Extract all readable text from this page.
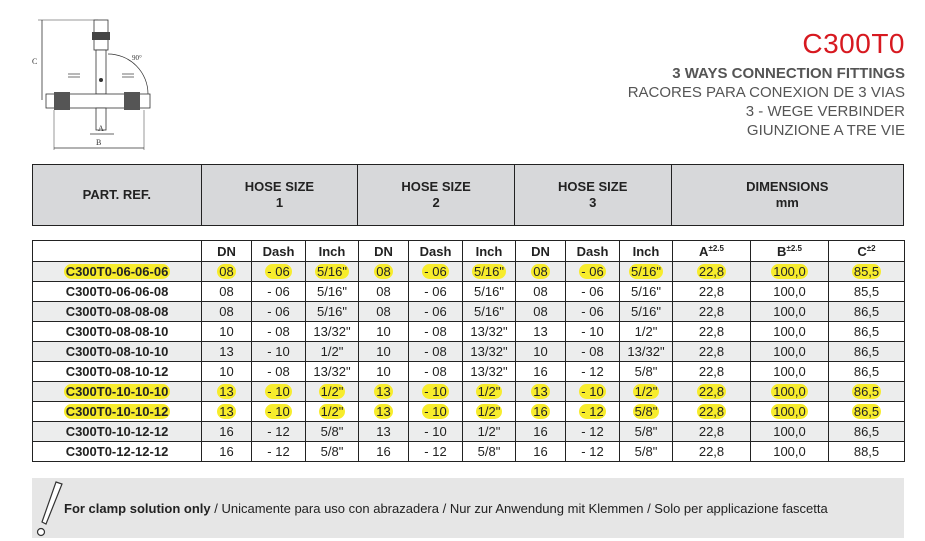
C	90°
A
B
C300T0
3 WAYS CONNECTION FITTINGS
RACORES PARA CONEXION DE 3 VIAS
3 - WEGE VERBINDER
GIUNZIONE A TRE VIE
PART. REF.
HOSE SIZE
1
HOSE SIZE
2
HOSE SIZE
3
DIMENSIONS
mm
	DN	Dash	Inch	DN	Dash	Inch	DN	Dash	Inch	$A^{\pm 2.5}$	$B^{\pm 2.5}$	$C^{\pm 2}$
C300T0-06-06-06	08	- 06	5/16"	08	- 06	5/16"	08	- 06	5/16"	22,8	100,0	85,5
C300T0-06-06-08	08	- 06	5/16"	08	- 06	5/16"	08	- 06	5/16"	22,8	100,0	85,5
C300T0-08-08-08	08	- 06	5/16"	08	- 06	5/16"	08	- 06	5/16"	22,8	100,0	86,5
C300T0-08-08-10	10	- 08	13/32"	10	- 08	13/32"	13	- 10	1/2"	22,8	100,0	86,5
C300T0-08-10-10	13	- 10	1/2"	10	- 08	13/32"	10	- 08	13/32"	22,8	100,0	86,5
C300T0-08-10-12	10	- 08	13/32"	10	- 08	13/32"	16	- 12	5/8"	22,8	100,0	86,5
C300T0-10-10-10	13	- 10	1/2"	13	- 10	1/2"	13	- 10	1/2"	22,8	100,0	86,5
C300T0-10-10-12	13	- 10	1/2"	13	- 10	1/2"	16	- 12	5/8"	22,8	100,0	86,5
C300T0-10-12-12	16	- 12	5/8"	13	- 10	1/2"	16	- 12	5/8"	22,8	100,0	86,5
C300T0-12-12-12	16	- 12	5/8"	16	- 12	5/8"	16	- 12	5/8"	22,8	100,0	88,5
For clamp solution only / Unicamente para uso con abrazadera / Nur zur Anwendung mit Klemmen / Solo per applicazione fascetta
